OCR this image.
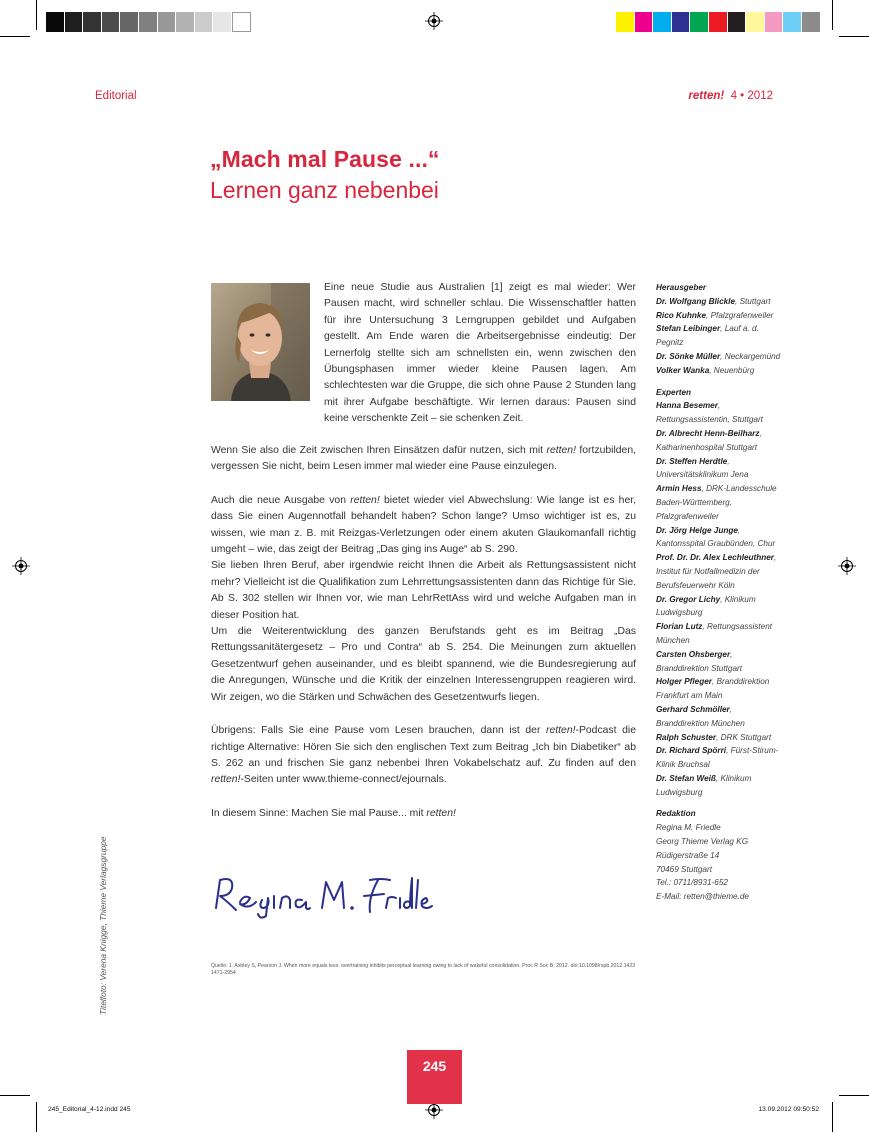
Editorial	retten! 4 • 2012
„Mach mal Pause ...“
Lernen ganz nebenbei
Eine neue Studie aus Australien [1] zeigt es mal wieder: Wer Pausen macht, wird schneller schlau. Die Wissenschaftler hatten für ihre Untersuchung 3 Lerngruppen gebildet und Aufgaben gestellt. Am Ende waren die Arbeitsergebnisse eindeutig: Der Lernerfolg stellte sich am schnellsten ein, wenn zwischen den Übungsphasen immer wieder kleine Pausen lagen. Am schlechtesten war die Gruppe, die sich ohne Pause 2 Stunden lang mit ihrer Aufgabe beschäftigte. Wir lernen daraus: Pausen sind keine verschenkte Zeit – sie schenken Zeit.

Wenn Sie also die Zeit zwischen Ihren Einsätzen dafür nutzen, sich mit retten! fortzubilden, vergessen Sie nicht, beim Lesen immer mal wieder eine Pause einzulegen.

Auch die neue Ausgabe von retten! bietet wieder viel Abwechslung: Wie lange ist es her, dass Sie einen Augennotfall behandelt haben? Schon lange? Umso wichtiger ist es, zu wissen, wie man z. B. mit Reizgas-Verletzungen oder einem akuten Glaukomanfall richtig umgeht – wie, das zeigt der Beitrag „Das ging ins Auge“ ab S. 290.

Sie lieben Ihren Beruf, aber irgendwie reicht Ihnen die Arbeit als Rettungsassistent nicht mehr? Vielleicht ist die Qualifikation zum Lehrrettungsassistenten dann das Richtige für Sie. Ab S. 302 stellen wir Ihnen vor, wie man LehrRettAss wird und welche Aufgaben man in dieser Position hat.

Um die Weiterentwicklung des ganzen Berufstands geht es im Beitrag „Das Rettungssanitätergesetz – Pro und Contra“ ab S. 254. Die Meinungen zum aktuellen Gesetzentwurf gehen auseinander, und es bleibt spannend, wie die Bundesregierung auf die Anregungen, Wünsche und die Kritik der einzelnen Interessengruppen reagieren wird. Wir zeigen, wo die Stärken und Schwächen des Gesetzentwurfs liegen.

Übrigens: Falls Sie eine Pause vom Lesen brauchen, dann ist der retten!-Podcast die richtige Alternative: Hören Sie sich den englischen Text zum Beitrag „Ich bin Diabetiker“ ab S. 262 an und frischen Sie ganz nebenbei Ihren Vokabelschatz auf. Zu finden auf den retten!-Seiten unter www.thieme-connect/ejournals.

In diesem Sinne: Machen Sie mal Pause... mit retten!

Quelle: 1. Ashley S, Pearson J. When more equals less: overtraining inhibits perceptual learning owing to lack of wakeful consolidation. Proc R Soc B; 2012. doi:10.1098/rspb.2012.1423 1471-2954
Herausgeber
Dr. Wolfgang Blickle, Stuttgart
Rico Kuhnke, Pfalzgrafenweiler
Stefan Leibinger, Lauf a. d. Pegnitz
Dr. Sönke Müller, Neckargemünd
Volker Wanka, Neuenbürg
Experten
Hanna Besemer, Rettungsassistentin, Stuttgart
Dr. Albrecht Henn-Beilharz, Katharinenhospital Stuttgart
Dr. Steffen Herdtle, Universitätsklinikum Jena
Armin Hess, DRK-Landesschule Baden-Württemberg, Pfalzgrafenweiler
Dr. Jörg Helge Junge, Kantonsspital Graubünden, Chur
Prof. Dr. Dr. Alex Lechleuthner, Institut für Notfallmedizin der Berufsfeuerwehr Köln
Dr. Gregor Lichy, Klinikum Ludwigsburg
Florian Lutz, Rettungsassistent München
Carsten Ohsberger, Branddirektion Stuttgart
Holger Pfleger, Branddirektion Frankfurt am Main
Gerhard Schmöller, Branddirektion München
Ralph Schuster, DRK Stuttgart
Dr. Richard Spörri, Fürst-Stirum-Klinik Bruchsal
Dr. Stefan Weiß, Klinikum Ludwigsburg
Redaktion
Regina M. Friedle
Georg Thieme Verlag KG
Rüdigerstraße 14
70469 Stuttgart
Tel.: 0711/8931-652
E-Mail: retten@thieme.de
Titelfoto: Verena Knigge, Thieme Verlagsgruppe
245
245_Editorial_4-12.indd 245	13.09.2012 09:50:52
